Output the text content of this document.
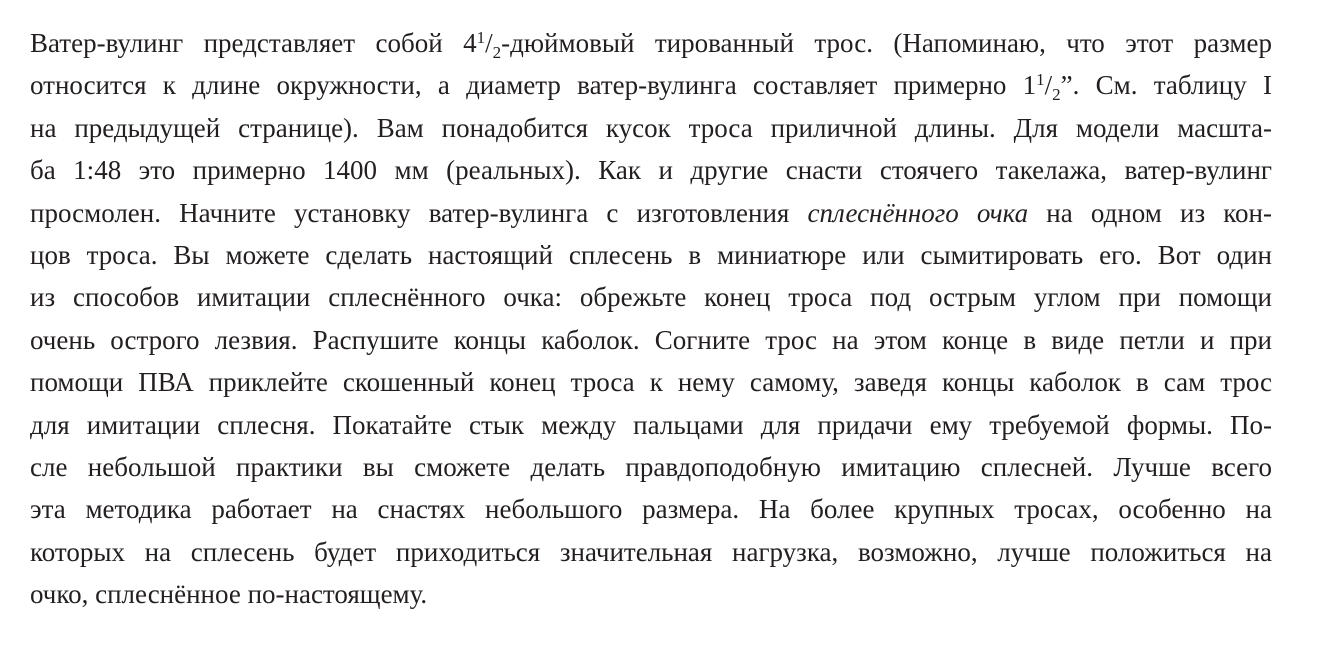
Ватер-вулинг представляет собой $4^1/_2$-дюймовый тированный трос. (Напоминаю, что этот размер
относится к длине окружности, а диаметр ватер-вулинга составляет примерно $1^1/_2$”. См. таблицу I
на предыдущей странице). Вам понадобится кусок троса приличной длины. Для модели масшта-
ба 1:48 это примерно 1400 мм (реальных). Как и другие снасти стоячего такелажа, ватер-вулинг
просмолен. Начните установку ватер-вулинга с изготовления сплеснённого очка на одном из кон-
цов троса. Вы можете сделать настоящий сплесень в миниатюре или сымитировать его. Вот один
из способов имитации сплеснённого очка: обрежьте конец троса под острым углом при помощи
очень острого лезвия. Распушите концы каболок. Согните трос на этом конце в виде петли и при
помощи ПВА приклейте скошенный конец троса к нему самому, заведя концы каболок в сам трос
для имитации сплесня. Покатайте стык между пальцами для придачи ему требуемой формы. По-
сле небольшой практики вы сможете делать правдоподобную имитацию сплесней. Лучше всего
эта методика работает на снастях небольшого размера. На более крупных тросах, особенно на
которых на сплесень будет приходиться значительная нагрузка, возможно, лучше положиться на
очко, сплеснённое по-настоящему.
